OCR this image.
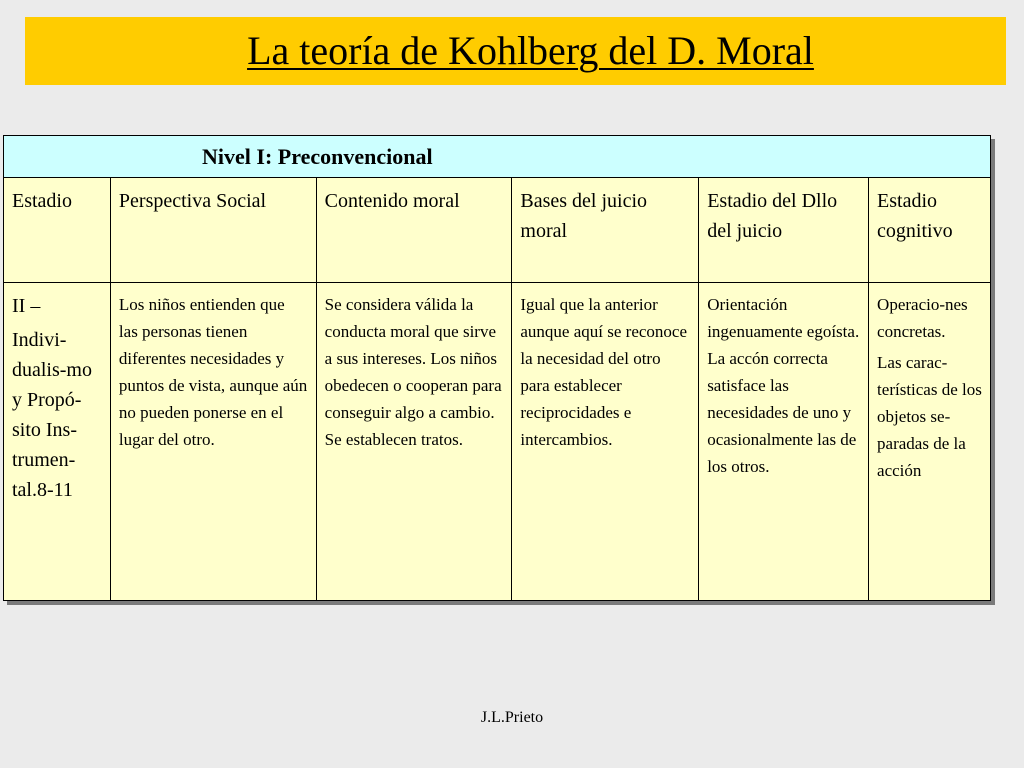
La teoría de Kohlberg del D. Moral
Nivel I: Preconvencional					
Estadio	Perspectiva Social	Contenido moral	Bases del juicio moral	Estadio del Dllo del juicio	Estadio cognitivo

II –
Indivi-dualis-mo y Propó-sito Ins-trumen-tal.8-11	Los niños entienden que las personas tienen diferentes necesidades y puntos de vista, aunque aún no pueden ponerse en el lugar del otro.	Se considera válida la conducta moral que sirve a sus intereses. Los niños obedecen o cooperan para conseguir algo a cambio. Se establecen tratos.	Igual que la anterior aunque aquí se reconoce la necesidad del otro para establecer reciprocidades e intercambios.	Orientación ingenuamente egoísta. La accón correcta satisface las necesidades de uno y ocasionalmente las de los otros.	Operacio-nes concretas.
Las carac-terísticas de los objetos se-paradas de la acción
J.L.Prieto
